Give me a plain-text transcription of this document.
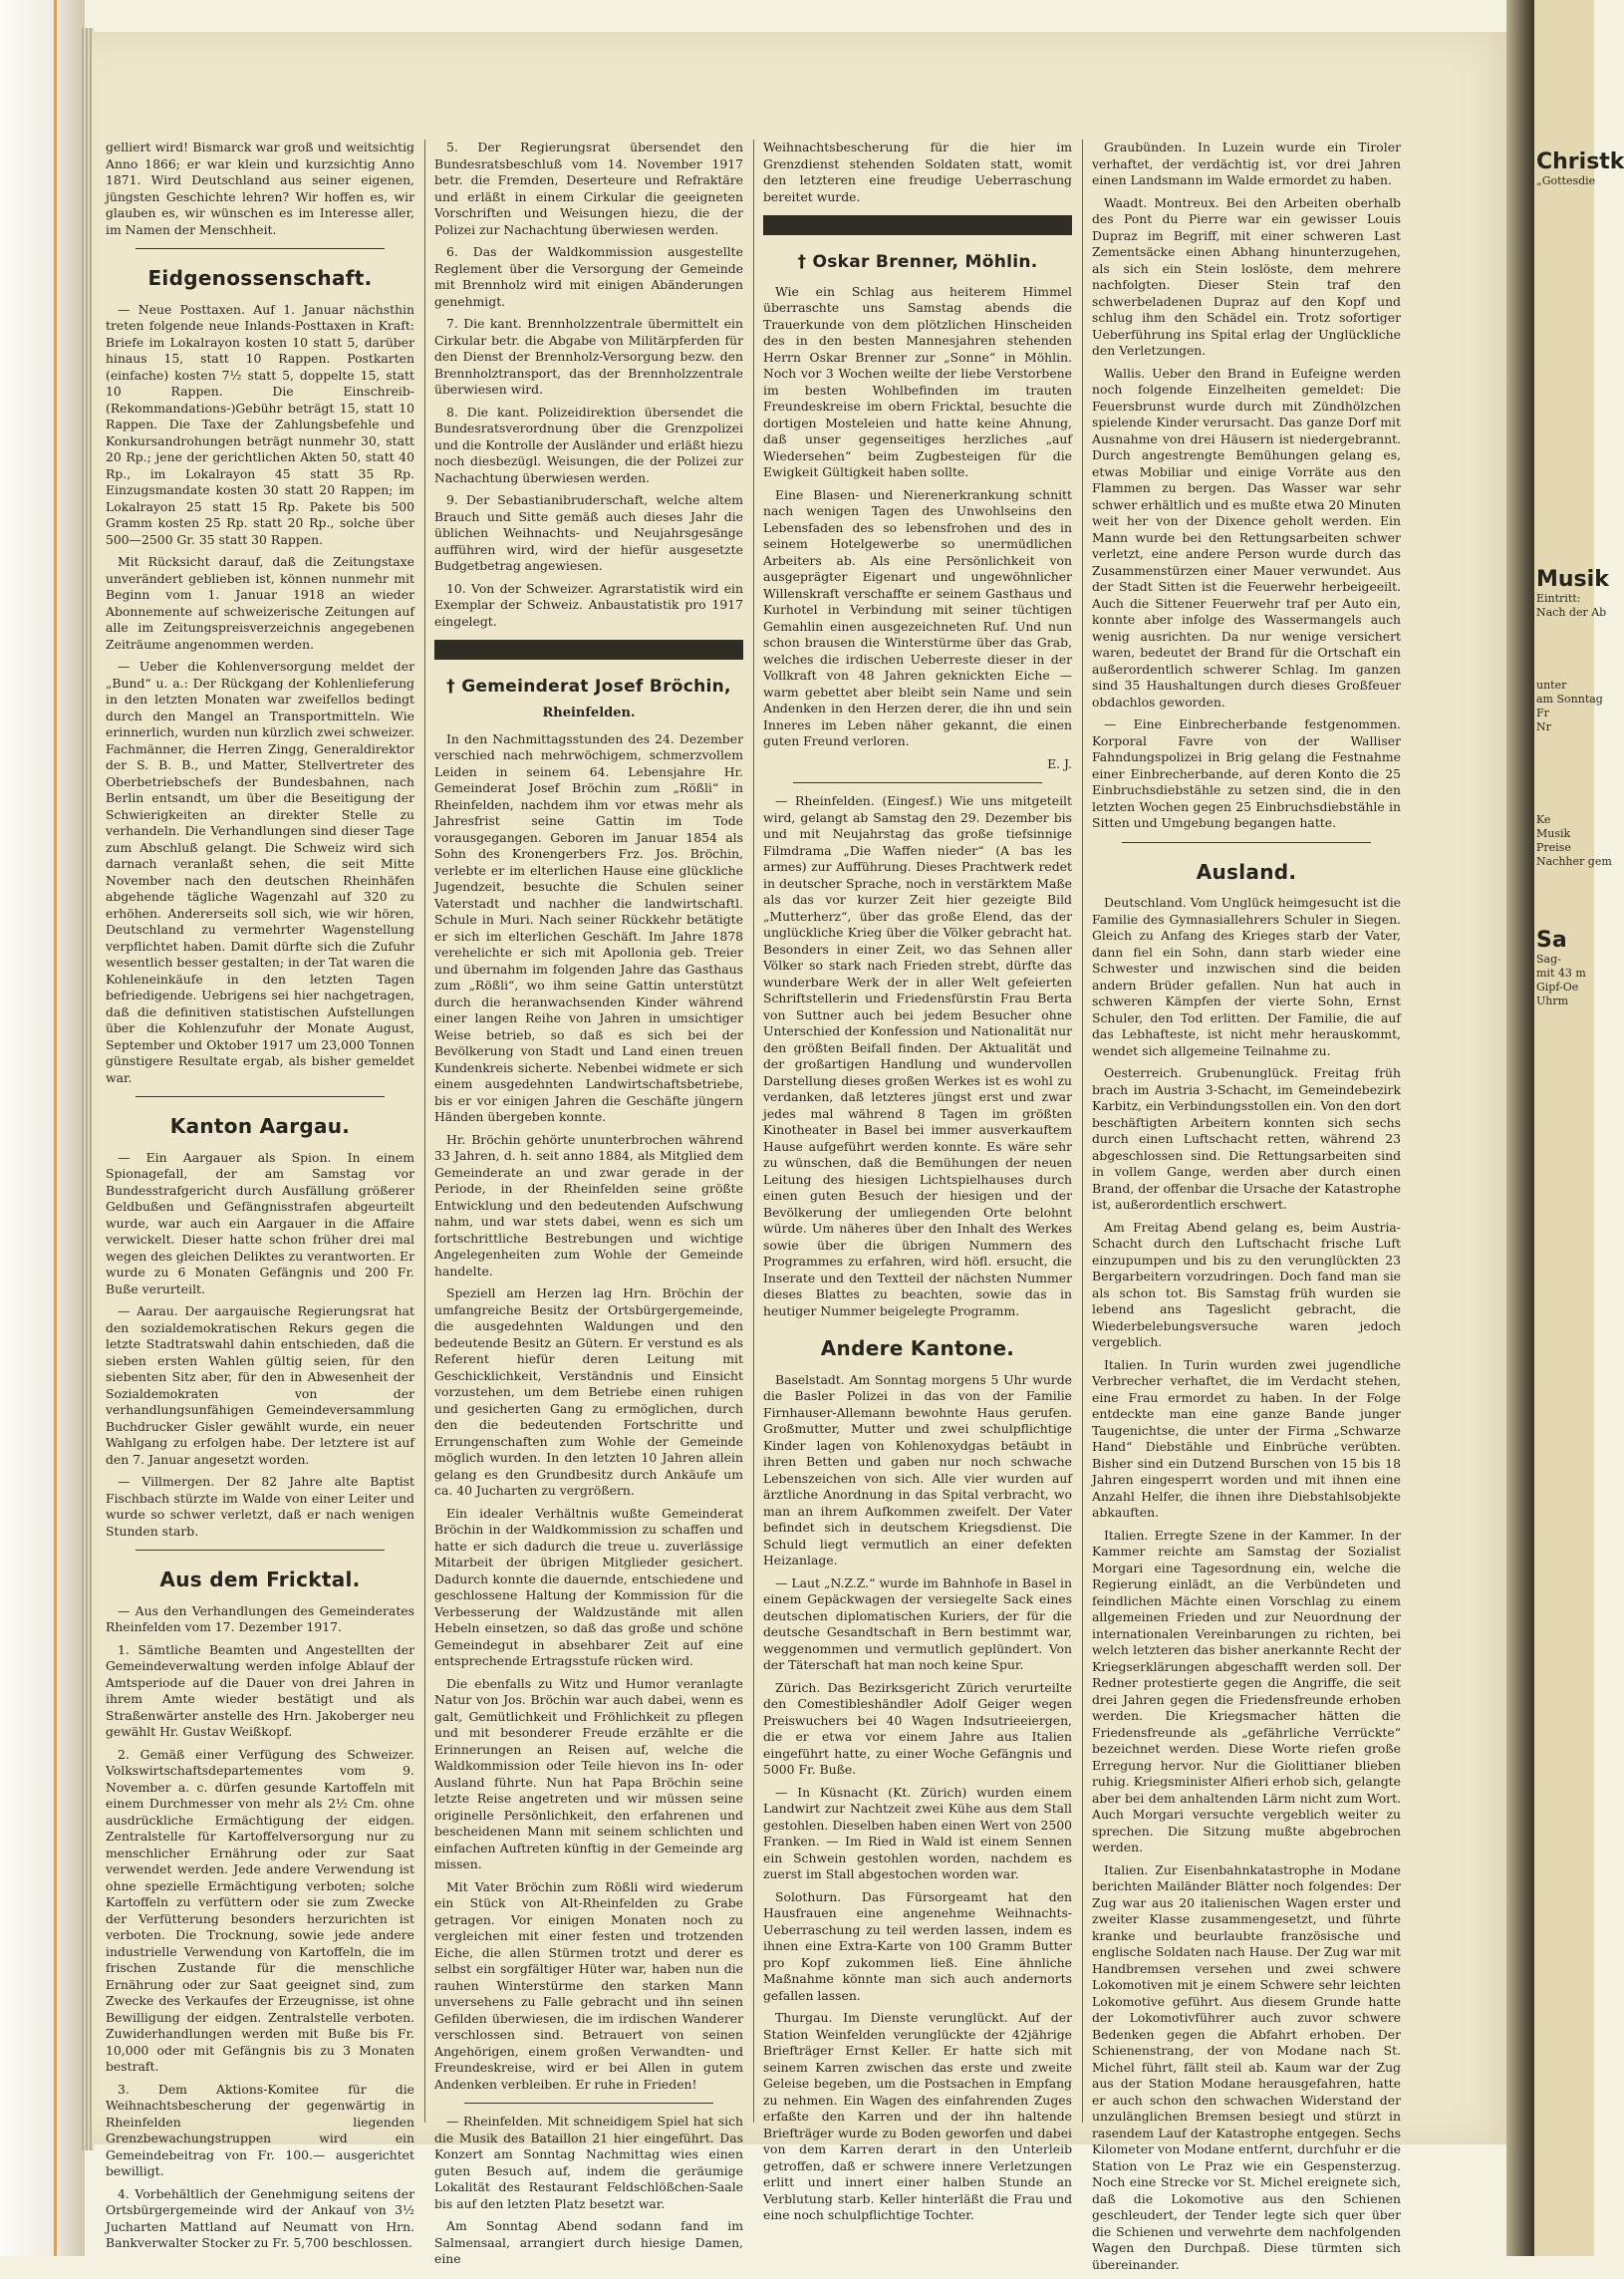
gelliert wird! Bismarck war groß und weitsichtig Anno 1866; er war klein und kurzsichtig Anno 1871. Wird Deutschland aus seiner eigenen, jüngsten Geschichte lehren? Wir hoffen es, wir glauben es, wir wünschen es im Interesse aller, im Namen der Menschheit.

Eidgenossenschaft.

— Neue Posttaxen. Auf 1. Januar nächsthin treten folgende neue Inlands-Posttaxen in Kraft: Briefe im Lokalrayon kosten 10 statt 5, darüber hinaus 15, statt 10 Rappen. Postkarten (einfache) kosten 7½ statt 5, doppelte 15, statt 10 Rappen. Die Einschreib-(Rekommandations-)Gebühr beträgt 15, statt 10 Rappen. Die Taxe der Zahlungsbefehle und Konkursandrohungen beträgt nunmehr 30, statt 20 Rp.; jene der gerichtlichen Akten 50, statt 40 Rp., im Lokalrayon 45 statt 35 Rp. Einzugsmandate kosten 30 statt 20 Rappen; im Lokalrayon 25 statt 15 Rp. Pakete bis 500 Gramm kosten 25 Rp. statt 20 Rp., solche über 500—2500 Gr. 35 statt 30 Rappen.

Mit Rücksicht darauf, daß die Zeitungstaxe unverändert geblieben ist, können nunmehr mit Beginn vom 1. Januar 1918 an wieder Abonnemente auf schweizerische Zeitungen auf alle im Zeitungspreisverzeichnis angegebenen Zeiträume angenommen werden.

— Ueber die Kohlenversorgung meldet der „Bund“ u. a.: Der Rückgang der Kohlenlieferung in den letzten Monaten war zweifellos bedingt durch den Mangel an Transportmitteln. Wie erinnerlich, wurden nun kürzlich zwei schweizer. Fachmänner, die Herren Zingg, Generaldirektor der S. B. B., und Matter, Stellvertreter des Oberbetriebschefs der Bundesbahnen, nach Berlin entsandt, um über die Beseitigung der Schwierigkeiten an direkter Stelle zu verhandeln. Die Verhandlungen sind dieser Tage zum Abschluß gelangt. Die Schweiz wird sich darnach veranlaßt sehen, die seit Mitte November nach den deutschen Rheinhäfen abgehende tägliche Wagenzahl auf 320 zu erhöhen. Andererseits soll sich, wie wir hören, Deutschland zu vermehrter Wagenstellung verpflichtet haben. Damit dürfte sich die Zufuhr wesentlich besser gestalten; in der Tat waren die Kohleneinkäufe in den letzten Tagen befriedigende. Uebrigens sei hier nachgetragen, daß die definitiven statistischen Aufstellungen über die Kohlenzufuhr der Monate August, September und Oktober 1917 um 23,000 Tonnen günstigere Resultate ergab, als bisher gemeldet war.

Kanton Aargau.

— Ein Aargauer als Spion. In einem Spionagefall, der am Samstag vor Bundesstrafgericht durch Ausfällung größerer Geldbußen und Gefängnisstrafen abgeurteilt wurde, war auch ein Aargauer in die Affaire verwickelt. Dieser hatte schon früher drei mal wegen des gleichen Deliktes zu verantworten. Er wurde zu 6 Monaten Gefängnis und 200 Fr. Buße verurteilt.

— Aarau. Der aargauische Regierungsrat hat den sozialdemokratischen Rekurs gegen die letzte Stadtratswahl dahin entschieden, daß die sieben ersten Wahlen gültig seien, für den siebenten Sitz aber, für den in Abwesenheit der Sozialdemokraten von der verhandlungsunfähigen Gemeindeversammlung Buchdrucker Gisler gewählt wurde, ein neuer Wahlgang zu erfolgen habe. Der letztere ist auf den 7. Januar angesetzt worden.

— Villmergen. Der 82 Jahre alte Baptist Fischbach stürzte im Walde von einer Leiter und wurde so schwer verletzt, daß er nach wenigen Stunden starb.

Aus dem Fricktal.

— Aus den Verhandlungen des Gemeinderates Rheinfelden vom 17. Dezember 1917.

1. Sämtliche Beamten und Angestellten der Gemeindeverwaltung werden infolge Ablauf der Amtsperiode auf die Dauer von drei Jahren in ihrem Amte wieder bestätigt und als Straßenwärter anstelle des Hrn. Jakoberger neu gewählt Hr. Gustav Weißkopf.

2. Gemäß einer Verfügung des Schweizer. Volkswirtschaftsdepartementes vom 9. November a. c. dürfen gesunde Kartoffeln mit einem Durchmesser von mehr als 2½ Cm. ohne ausdrückliche Ermächtigung der eidgen. Zentralstelle für Kartoffelversorgung nur zu menschlicher Ernährung oder zur Saat verwendet werden. Jede andere Verwendung ist ohne spezielle Ermächtigung verboten; solche Kartoffeln zu verfüttern oder sie zum Zwecke der Verfütterung besonders herzurichten ist verboten. Die Trocknung, sowie jede andere industrielle Verwendung von Kartoffeln, die im frischen Zustande für die menschliche Ernährung oder zur Saat geeignet sind, zum Zwecke des Verkaufes der Erzeugnisse, ist ohne Bewilligung der eidgen. Zentralstelle verboten. Zuwiderhandlungen werden mit Buße bis Fr. 10,000 oder mit Gefängnis bis zu 3 Monaten bestraft.

3. Dem Aktions-Komitee für die Weihnachtsbescherung der gegenwärtig in Rheinfelden liegenden Grenzbewachungstruppen wird ein Gemeindebeitrag von Fr. 100.— ausgerichtet bewilligt.

4. Vorbehältlich der Genehmigung seitens der Ortsbürgergemeinde wird der Ankauf von 3½ Jucharten Mattland auf Neumatt von Hrn. Bankverwalter Stocker zu Fr. 5,700 beschlossen.

5. Der Regierungsrat übersendet den Bundesratsbeschluß vom 14. November 1917 betr. die Fremden, Deserteure und Refraktäre und erläßt in einem Cirkular die geeigneten Vorschriften und Weisungen hiezu, die der Polizei zur Nachachtung überwiesen werden.

6. Das der Waldkommission ausgestellte Reglement über die Versorgung der Gemeinde mit Brennholz wird mit einigen Abänderungen genehmigt.

7. Die kant. Brennholzzentrale übermittelt ein Cirkular betr. die Abgabe von Militärpferden für den Dienst der Brennholz-Versorgung bezw. den Brennholztransport, das der Brennholzzentrale überwiesen wird.

8. Die kant. Polizeidirektion übersendet die Bundesratsverordnung über die Grenzpolizei und die Kontrolle der Ausländer und erläßt hiezu noch diesbezügl. Weisungen, die der Polizei zur Nachachtung überwiesen werden.

9. Der Sebastianibruderschaft, welche altem Brauch und Sitte gemäß auch dieses Jahr die üblichen Weihnachts- und Neujahrsgesänge aufführen wird, wird der hiefür ausgesetzte Budgetbetrag angewiesen.

10. Von der Schweizer. Agrarstatistik wird ein Exemplar der Schweiz. Anbaustatistik pro 1917 eingelegt.

† Gemeinderat Josef Bröchin,
Rheinfelden.

In den Nachmittagsstunden des 24. Dezember verschied nach mehrwöchigem, schmerzvollem Leiden in seinem 64. Lebensjahre Hr. Gemeinderat Josef Bröchin zum „Rößli“ in Rheinfelden, nachdem ihm vor etwas mehr als Jahresfrist seine Gattin im Tode vorausgegangen. Geboren im Januar 1854 als Sohn des Kronengerbers Frz. Jos. Bröchin, verlebte er im elterlichen Hause eine glückliche Jugendzeit, besuchte die Schulen seiner Vaterstadt und nachher die landwirtschaftl. Schule in Muri. Nach seiner Rückkehr betätigte er sich im elterlichen Geschäft. Im Jahre 1878 verehelichte er sich mit Apollonia geb. Treier und übernahm im folgenden Jahre das Gasthaus zum „Rößli“, wo ihm seine Gattin unterstützt durch die heranwachsenden Kinder während einer langen Reihe von Jahren in umsichtiger Weise betrieb, so daß es sich bei der Bevölkerung von Stadt und Land einen treuen Kundenkreis sicherte. Nebenbei widmete er sich einem ausgedehnten Landwirtschaftsbetriebe, bis er vor einigen Jahren die Geschäfte jüngern Händen übergeben konnte.

Hr. Bröchin gehörte ununterbrochen während 33 Jahren, d. h. seit anno 1884, als Mitglied dem Gemeinderate an und zwar gerade in der Periode, in der Rheinfelden seine größte Entwicklung und den bedeutenden Aufschwung nahm, und war stets dabei, wenn es sich um fortschrittliche Bestrebungen und wichtige Angelegenheiten zum Wohle der Gemeinde handelte.

Speziell am Herzen lag Hrn. Bröchin der umfangreiche Besitz der Ortsbürgergemeinde, die ausgedehnten Waldungen und den bedeutende Besitz an Gütern. Er verstund es als Referent hiefür deren Leitung mit Geschicklichkeit, Verständnis und Einsicht vorzustehen, um dem Betriebe einen ruhigen und gesicherten Gang zu ermöglichen, durch den die bedeutenden Fortschritte und Errungenschaften zum Wohle der Gemeinde möglich wurden. In den letzten 10 Jahren allein gelang es den Grundbesitz durch Ankäufe um ca. 40 Jucharten zu vergrößern.

Ein idealer Verhältnis wußte Gemeinderat Bröchin in der Waldkommission zu schaffen und hatte er sich dadurch die treue u. zuverlässige Mitarbeit der übrigen Mitglieder gesichert. Dadurch konnte die dauernde, entschiedene und geschlossene Haltung der Kommission für die Verbesserung der Waldzustände mit allen Hebeln einsetzen, so daß das große und schöne Gemeindegut in absehbarer Zeit auf eine entsprechende Ertragsstufe rücken wird.

Die ebenfalls zu Witz und Humor veranlagte Natur von Jos. Bröchin war auch dabei, wenn es galt, Gemütlichkeit und Fröhlichkeit zu pflegen und mit besonderer Freude erzählte er die Erinnerungen an Reisen auf, welche die Waldkommission oder Teile hievon ins In- oder Ausland führte. Nun hat Papa Bröchin seine letzte Reise angetreten und wir müssen seine originelle Persönlichkeit, den erfahrenen und bescheidenen Mann mit seinem schlichten und einfachen Auftreten künftig in der Gemeinde arg missen.

Mit Vater Bröchin zum Rößli wird wiederum ein Stück von Alt-Rheinfelden zu Grabe getragen. Vor einigen Monaten noch zu vergleichen mit einer festen und trotzenden Eiche, die allen Stürmen trotzt und derer es selbst ein sorgfältiger Hüter war, haben nun die rauhen Winterstürme den starken Mann unversehens zu Falle gebracht und ihn seinen Gefilden überwiesen, die im irdischen Wanderer verschlossen sind. Betrauert von seinen Angehörigen, einem großen Verwandten- und Freundeskreise, wird er bei Allen in gutem Andenken verbleiben. Er ruhe in Frieden!

— Rheinfelden. Mit schneidigem Spiel hat sich die Musik des Bataillon 21 hier eingeführt. Das Konzert am Sonntag Nachmittag wies einen guten Besuch auf, indem die geräumige Lokalität des Restaurant Feldschlößchen-Saale bis auf den letzten Platz besetzt war.

Am Sonntag Abend sodann fand im Salmensaal, arrangiert durch hiesige Damen, eine

Weihnachtsbescherung für die hier im Grenzdienst stehenden Soldaten statt, womit den letzteren eine freudige Ueberraschung bereitet wurde.

† Oskar Brenner, Möhlin.

Wie ein Schlag aus heiterem Himmel überraschte uns Samstag abends die Trauerkunde von dem plötzlichen Hinscheiden des in den besten Mannesjahren stehenden Herrn Oskar Brenner zur „Sonne“ in Möhlin. Noch vor 3 Wochen weilte der liebe Verstorbene im besten Wohlbefinden im trauten Freundeskreise im obern Fricktal, besuchte die dortigen Mosteleien und hatte keine Ahnung, daß unser gegenseitiges herzliches „auf Wiedersehen“ beim Zugbesteigen für die Ewigkeit Gültigkeit haben sollte.

Eine Blasen- und Nierenerkrankung schnitt nach wenigen Tagen des Unwohlseins den Lebensfaden des so lebensfrohen und des in seinem Hotelgewerbe so unermüdlichen Arbeiters ab. Als eine Persönlichkeit von ausgeprägter Eigenart und ungewöhnlicher Willenskraft verschaffte er seinem Gasthaus und Kurhotel in Verbindung mit seiner tüchtigen Gemahlin einen ausgezeichneten Ruf. Und nun schon brausen die Winterstürme über das Grab, welches die irdischen Ueberreste dieser in der Vollkraft von 48 Jahren geknickten Eiche — warm gebettet aber bleibt sein Name und sein Andenken in den Herzen derer, die ihn und sein Inneres im Leben näher gekannt, die einen guten Freund verloren.

E. J.

— Rheinfelden. (Eingesf.) Wie uns mitgeteilt wird, gelangt ab Samstag den 29. Dezember bis und mit Neujahrstag das große tiefsinnige Filmdrama „Die Waffen nieder“ (A bas les armes) zur Aufführung. Dieses Prachtwerk redet in deutscher Sprache, noch in verstärktem Maße als das vor kurzer Zeit hier gezeigte Bild „Mutterherz“, über das große Elend, das der unglückliche Krieg über die Völker gebracht hat. Besonders in einer Zeit, wo das Sehnen aller Völker so stark nach Frieden strebt, dürfte das wunderbare Werk der in aller Welt gefeierten Schriftstellerin und Friedensfürstin Frau Berta von Suttner auch bei jedem Besucher ohne Unterschied der Konfession und Nationalität nur den größten Beifall finden. Der Aktualität und der großartigen Handlung und wundervollen Darstellung dieses großen Werkes ist es wohl zu verdanken, daß letzteres jüngst erst und zwar jedes mal während 8 Tagen im größten Kinotheater in Basel bei immer ausverkauftem Hause aufgeführt werden konnte. Es wäre sehr zu wünschen, daß die Bemühungen der neuen Leitung des hiesigen Lichtspielhauses durch einen guten Besuch der hiesigen und der Bevölkerung der umliegenden Orte belohnt würde. Um näheres über den Inhalt des Werkes sowie über die übrigen Nummern des Programmes zu erfahren, wird höfl. ersucht, die Inserate und den Textteil der nächsten Nummer dieses Blattes zu beachten, sowie das in heutiger Nummer beigelegte Programm.

Andere Kantone.

Baselstadt. Am Sonntag morgens 5 Uhr wurde die Basler Polizei in das von der Familie Firnhauser-Allemann bewohnte Haus gerufen. Großmutter, Mutter und zwei schulpflichtige Kinder lagen von Kohlenoxydgas betäubt in ihren Betten und gaben nur noch schwache Lebenszeichen von sich. Alle vier wurden auf ärztliche Anordnung in das Spital verbracht, wo man an ihrem Aufkommen zweifelt. Der Vater befindet sich in deutschem Kriegsdienst. Die Schuld liegt vermutlich an einer defekten Heizanlage.

— Laut „N.Z.Z.“ wurde im Bahnhofe in Basel in einem Gepäckwagen der versiegelte Sack eines deutschen diplomatischen Kuriers, der für die deutsche Gesandtschaft in Bern bestimmt war, weggenommen und vermutlich geplündert. Von der Täterschaft hat man noch keine Spur.

Zürich. Das Bezirksgericht Zürich verurteilte den Comestibleshändler Adolf Geiger wegen Preiswuchers bei 40 Wagen Indsutrieeiergen, die er etwa vor einem Jahre aus Italien eingeführt hatte, zu einer Woche Gefängnis und 5000 Fr. Buße.

— In Küsnacht (Kt. Zürich) wurden einem Landwirt zur Nachtzeit zwei Kühe aus dem Stall gestohlen. Dieselben haben einen Wert von 2500 Franken. — Im Ried in Wald ist einem Sennen ein Schwein gestohlen worden, nachdem es zuerst im Stall abgestochen worden war.

Solothurn. Das Fürsorgeamt hat den Hausfrauen eine angenehme Weihnachts-Ueberraschung zu teil werden lassen, indem es ihnen eine Extra-Karte von 100 Gramm Butter pro Kopf zukommen ließ. Eine ähnliche Maßnahme könnte man sich auch andernorts gefallen lassen.

Thurgau. Im Dienste verunglückt. Auf der Station Weinfelden verunglückte der 42jährige Briefträger Ernst Keller. Er hatte sich mit seinem Karren zwischen das erste und zweite Geleise begeben, um die Postsachen in Empfang zu nehmen. Ein Wagen des einfahrenden Zuges erfaßte den Karren und der ihn haltende Briefträger wurde zu Boden geworfen und dabei von dem Karren derart in den Unterleib getroffen, daß er schwere innere Verletzungen erlitt und innert einer halben Stunde an Verblutung starb. Keller hinterläßt die Frau und eine noch schulpflichtige Tochter.

Graubünden. In Luzein wurde ein Tiroler verhaftet, der verdächtig ist, vor drei Jahren einen Landsmann im Walde ermordet zu haben.

Waadt. Montreux. Bei den Arbeiten oberhalb des Pont du Pierre war ein gewisser Louis Dupraz im Begriff, mit einer schweren Last Zementsäcke einen Abhang hinunterzugehen, als sich ein Stein loslöste, dem mehrere nachfolgten. Dieser Stein traf den schwerbeladenen Dupraz auf den Kopf und schlug ihm den Schädel ein. Trotz sofortiger Ueberführung ins Spital erlag der Unglückliche den Verletzungen.

Wallis. Ueber den Brand in Eufeigne werden noch folgende Einzelheiten gemeldet: Die Feuersbrunst wurde durch mit Zündhölzchen spielende Kinder verursacht. Das ganze Dorf mit Ausnahme von drei Häusern ist niedergebrannt. Durch angestrengte Bemühungen gelang es, etwas Mobiliar und einige Vorräte aus den Flammen zu bergen. Das Wasser war sehr schwer erhältlich und es mußte etwa 20 Minuten weit her von der Dixence geholt werden. Ein Mann wurde bei den Rettungsarbeiten schwer verletzt, eine andere Person wurde durch das Zusammenstürzen einer Mauer verwundet. Aus der Stadt Sitten ist die Feuerwehr herbeigeeilt. Auch die Sittener Feuerwehr traf per Auto ein, konnte aber infolge des Wassermangels auch wenig ausrichten. Da nur wenige versichert waren, bedeutet der Brand für die Ortschaft ein außerordentlich schwerer Schlag. Im ganzen sind 35 Haushaltungen durch dieses Großfeuer obdachlos geworden.

— Eine Einbrecherbande festgenommen. Korporal Favre von der Walliser Fahndungspolizei in Brig gelang die Festnahme einer Einbrecherbande, auf deren Konto die 25 Einbruchsdiebstähle zu setzen sind, die in den letzten Wochen gegen 25 Einbruchsdiebstähle in Sitten und Umgebung begangen hatte.

Ausland.

Deutschland. Vom Unglück heimgesucht ist die Familie des Gymnasiallehrers Schuler in Siegen. Gleich zu Anfang des Krieges starb der Vater, dann fiel ein Sohn, dann starb wieder eine Schwester und inzwischen sind die beiden andern Brüder gefallen. Nun hat auch in schweren Kämpfen der vierte Sohn, Ernst Schuler, den Tod erlitten. Der Familie, die auf das Lebhafteste, ist nicht mehr herauskommt, wendet sich allgemeine Teilnahme zu.

Oesterreich. Grubenunglück. Freitag früh brach im Austria 3-Schacht, im Gemeindebezirk Karbitz, ein Verbindungsstollen ein. Von den dort beschäftigten Arbeitern konnten sich sechs durch einen Luftschacht retten, während 23 abgeschlossen sind. Die Rettungsarbeiten sind in vollem Gange, werden aber durch einen Brand, der offenbar die Ursache der Katastrophe ist, außerordentlich erschwert.

Am Freitag Abend gelang es, beim Austria-Schacht durch den Luftschacht frische Luft einzupumpen und bis zu den verunglückten 23 Bergarbeitern vorzudringen. Doch fand man sie als schon tot. Bis Samstag früh wurden sie lebend ans Tageslicht gebracht, die Wiederbelebungsversuche waren jedoch vergeblich.

Italien. In Turin wurden zwei jugendliche Verbrecher verhaftet, die im Verdacht stehen, eine Frau ermordet zu haben. In der Folge entdeckte man eine ganze Bande junger Taugenichtse, die unter der Firma „Schwarze Hand“ Diebstähle und Einbrüche verübten. Bisher sind ein Dutzend Burschen von 15 bis 18 Jahren eingesperrt worden und mit ihnen eine Anzahl Helfer, die ihnen ihre Diebstahlsobjekte abkauften.

Italien. Erregte Szene in der Kammer. In der Kammer reichte am Samstag der Sozialist Morgari eine Tagesordnung ein, welche die Regierung einlädt, an die Verbündeten und feindlichen Mächte einen Vorschlag zu einem allgemeinen Frieden und zur Neuordnung der internationalen Vereinbarungen zu richten, bei welch letzteren das bisher anerkannte Recht der Kriegserklärungen abgeschafft werden soll. Der Redner protestierte gegen die Angriffe, die seit drei Jahren gegen die Friedensfreunde erhoben werden. Die Kriegsmacher hätten die Friedensfreunde als „gefährliche Verrückte“ bezeichnet werden. Diese Worte riefen große Erregung hervor. Nur die Giolittianer blieben ruhig. Kriegsminister Alfieri erhob sich, gelangte aber bei dem anhaltenden Lärm nicht zum Wort. Auch Morgari versuchte vergeblich weiter zu sprechen. Die Sitzung mußte abgebrochen werden.

Italien. Zur Eisenbahnkatastrophe in Modane berichten Mailänder Blätter noch folgendes: Der Zug war aus 20 italienischen Wagen erster und zweiter Klasse zusammengesetzt, und führte kranke und beurlaubte französische und englische Soldaten nach Hause. Der Zug war mit Handbremsen versehen und zwei schwere Lokomotiven mit je einem Schwere sehr leichten Lokomotive geführt. Aus diesem Grunde hatte der Lokomotivführer auch zuvor schwere Bedenken gegen die Abfahrt erhoben. Der Schienenstrang, der von Modane nach St. Michel führt, fällt steil ab. Kaum war der Zug aus der Station Modane herausgefahren, hatte er auch schon den schwachen Widerstand der unzulänglichen Bremsen besiegt und stürzt in rasendem Lauf der Katastrophe entgegen. Sechs Kilometer von Modane entfernt, durchfuhr er die Station von Le Praz wie ein Gespensterzug. Noch eine Strecke vor St. Michel ereignete sich, daß die Lokomotive aus den Schienen geschleudert, der Tender legte sich quer über die Schienen und verwehrte dem nachfolgenden Wagen den Durchpaß. Diese türmten sich übereinander.

Christk
„Gottesdie
Musik
Eintritt:
Nach der Ab
unter
am Sonntag
Fr
Nr
Ke
Musik
Preise
Nachher gem
Sa
Sag-
mit 43 m
Gipf-Oe
Uhrm
